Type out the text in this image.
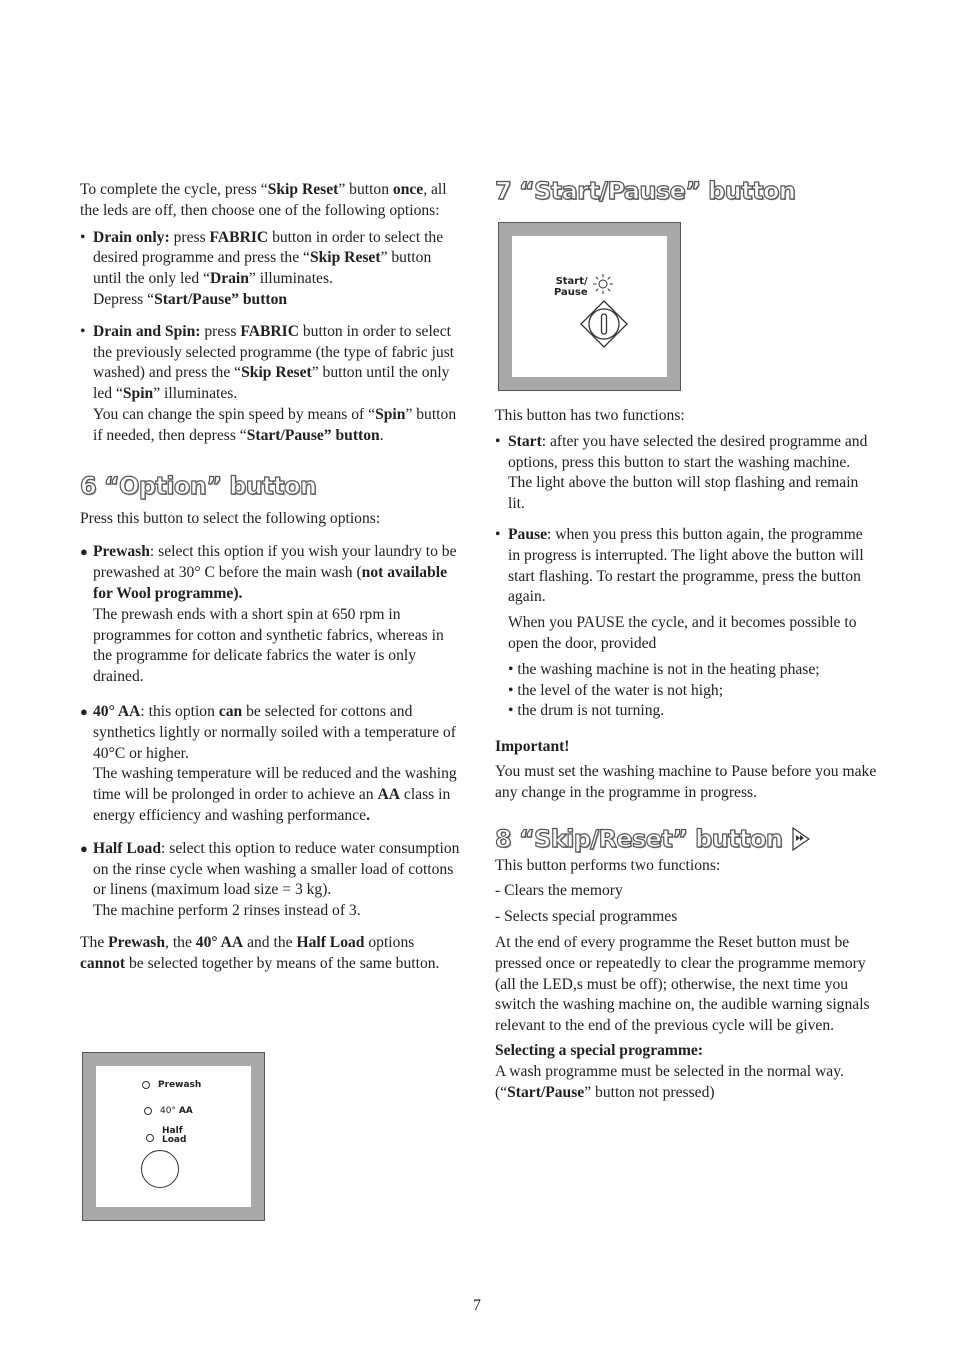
To complete the cycle, press “Skip Reset” button once, all the leds are off, then choose one of the following options:

• Drain only: press FABRIC button in order to select the desired programme and press the “Skip Reset” button until the only led “Drain” illuminates.
Depress “Start/Pause” button
• Drain and Spin: press FABRIC button in order to select the previously selected programme (the type of fabric just washed) and press the “Skip Reset” button until the only led “Spin” illuminates.
You can change the spin speed by means of “Spin” button if needed, then depress “Start/Pause” button.
6 “Option” button

Press this button to select the following options:

● Prewash: select this option if you wish your laundry to be prewashed at 30° C before the main wash (not available for Wool programme).
The prewash ends with a short spin at 650 rpm in programmes for cotton and synthetic fabrics, whereas in the programme for delicate fabrics the water is only drained.
● 40° AA: this option can be selected for cottons and synthetics lightly or normally soiled with a temperature of 40°C or higher.
The washing temperature will be reduced and the washing time will be prolonged in order to achieve an AA class in energy efficiency and washing performance.
● Half Load: select this option to reduce water consumption on the rinse cycle when washing a smaller load of cottons or linens (maximum load size = 3 kg).
The machine perform 2 rinses instead of 3.

The Prewash, the 40° AA and the Half Load options
cannot be selected together by means of the same button.

Prewash
40° AA
Half
Load
7 “Start/Pause” button
Start/
Pause

This button has two functions:

• Start: after you have selected the desired programme and options, press this button to start the washing machine. The light above the button will stop flashing and remain lit.
• Pause: when you press this button again, the programme in progress is interrupted. The light above the button will start flashing. To restart the programme, press the button again.

When you PAUSE the cycle, and it becomes possible to open the door, provided

• the washing machine is not in the heating phase;
• the level of the water is not high;
• the drum is not turning.

Important!

You must set the washing machine to Pause before you make any change in the programme in progress.

8 “Skip/Reset” button

This button performs two functions:

- Clears the memory

- Selects special programmes

At the end of every programme the Reset button must be pressed once or repeatedly to clear the programme memory (all the LED,s must be off); otherwise, the next time you switch the washing machine on, the audible warning signals relevant to the end of the previous cycle will be given.

Selecting a special programme:

A wash programme must be selected in the normal way.
(“Start/Pause” button not pressed)

7
